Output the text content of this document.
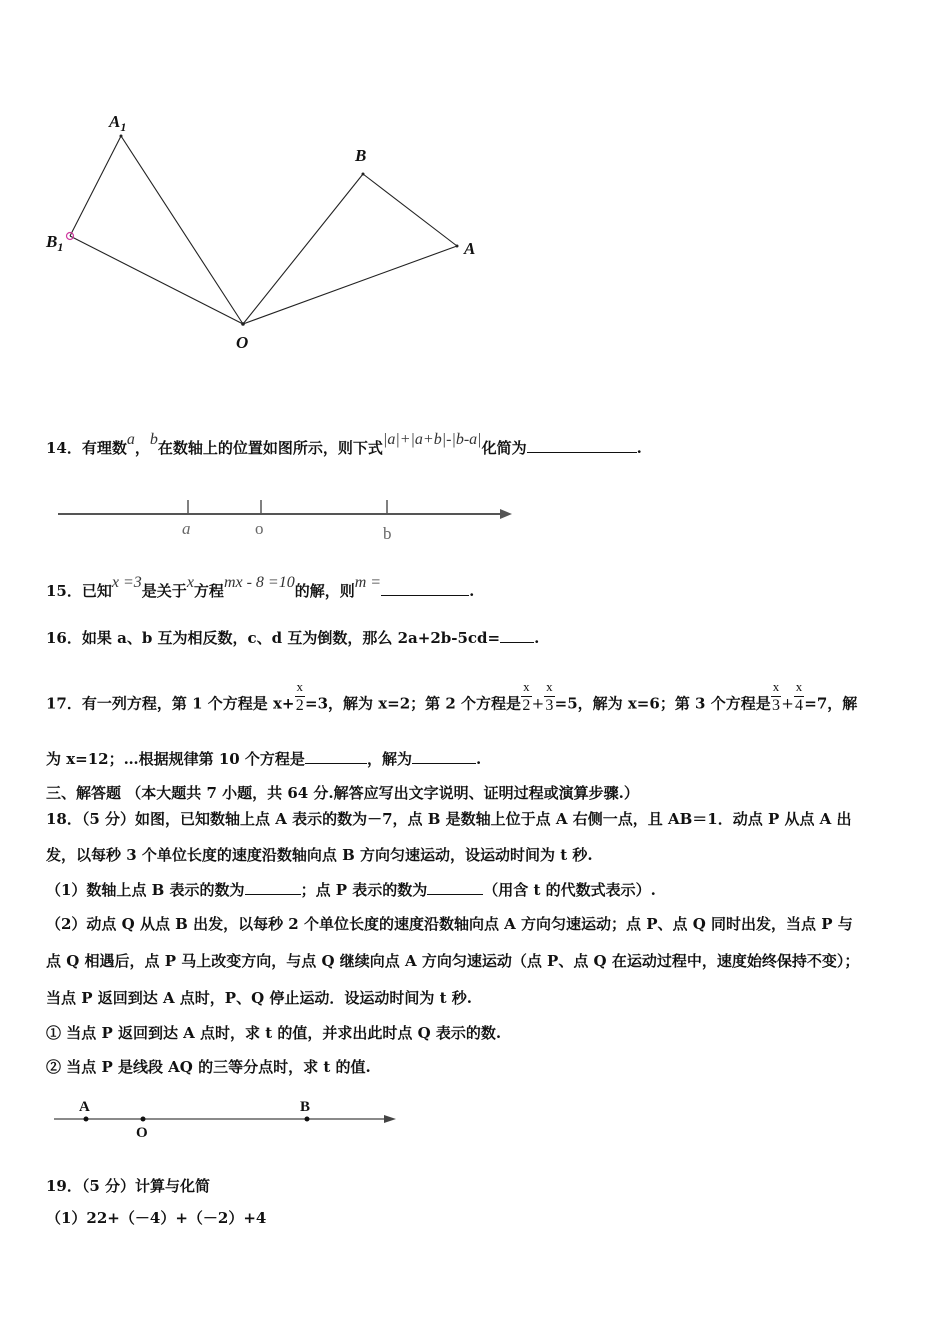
$A_1$
$B_1$
B
A
O
14．有理数a，b在数轴上的位置如图所示，则下式|a|+|a+b|-|b-a|化简为	.
a	o	b
15．已知x =3是关于x方程mx - 8 =10的解，则m =	.
16．如果 a、b 互为相反数，c、d 互为倒数，那么 2a+2b-5cd= .
17．有一列方程，第 1 个方程是 $x+ \frac{x}{2} =3$，解为 x=2；第 2 个方程是 $\frac{x}{2} + \frac{x}{3} =5$，解为 x=6；第 3 个方程是 $\frac{x}{3} + \frac{x}{4} =7$，解
为 x=12；…根据规律第 10 个方程是	，解为	.
三、解答题 （本大题共 7 小题，共 64 分.解答应写出文字说明、证明过程或演算步骤.）
18．（5 分）如图，已知数轴上点 A 表示的数为－7，点 B 是数轴上位于点 A 右侧一点，且 AB＝1．动点 P 从点 A 出
发，以每秒 3 个单位长度的速度沿数轴向点 B 方向匀速运动，设运动时间为 t 秒.
（1）数轴上点 B 表示的数为	；点 P 表示的数为	（用含 t 的代数式表示）.
（2）动点 Q 从点 B 出发，以每秒 2 个单位长度的速度沿数轴向点 A 方向匀速运动；点 P、点 Q 同时出发，当点 P 与
点 Q 相遇后，点 P 马上改变方向，与点 Q 继续向点 A 方向匀速运动（点 P、点 Q 在运动过程中，速度始终保持不变）；
当点 P 返回到达 A 点时，P、Q 停止运动．设运动时间为 t 秒.
① 当点 P 返回到达 A 点时，求 t 的值，并求出此时点 Q 表示的数.
② 当点 P 是线段 AQ 的三等分点时，求 t 的值.
A
O
B
19．（5 分）计算与化简
（1）22+（－4）+（－2）+4
